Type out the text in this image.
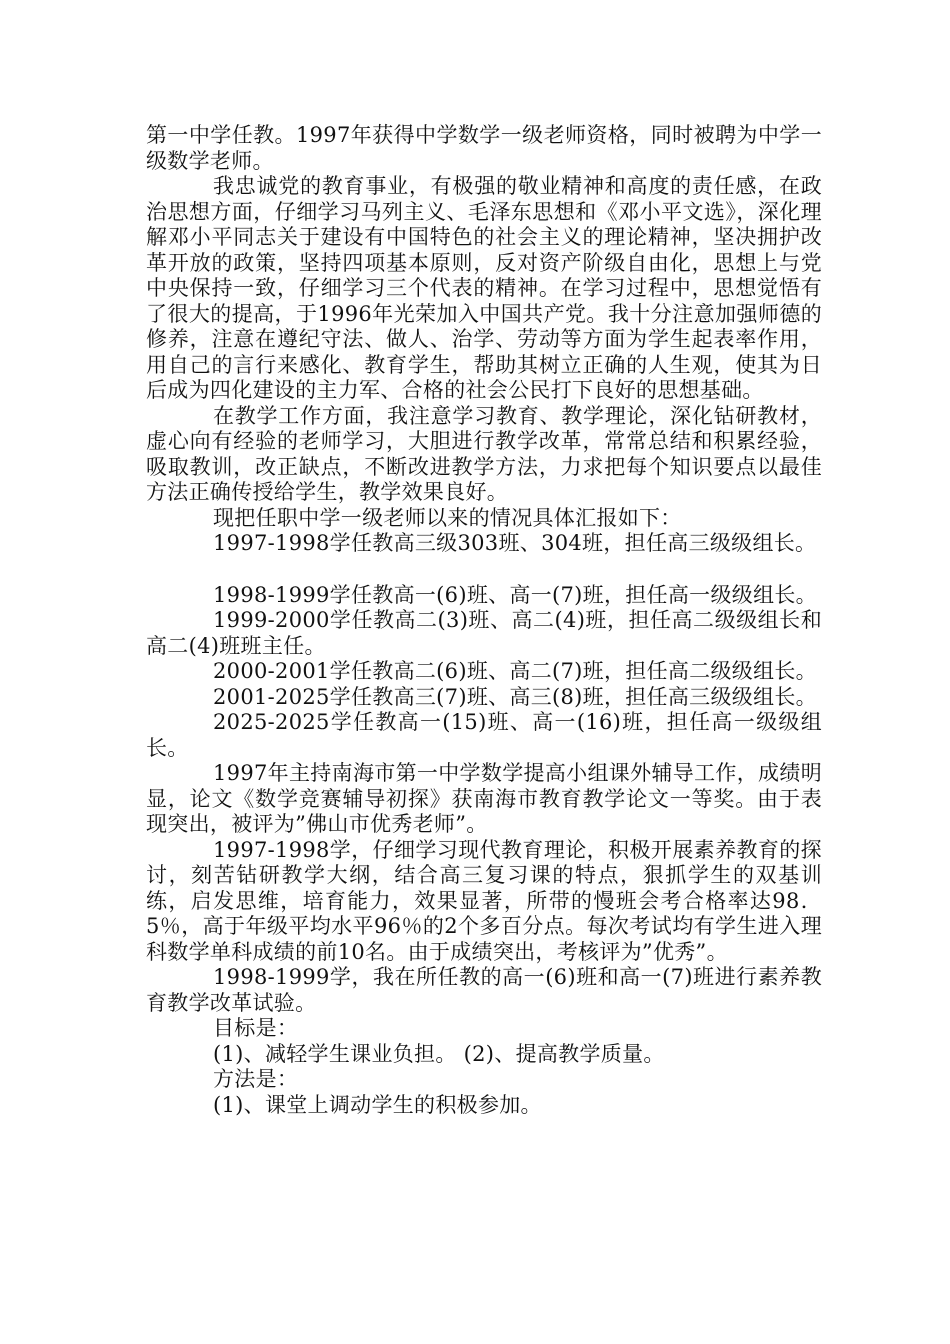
第一中学任教。1997年获得中学数学一级老师资格，同时被聘为中学一级数学老师。

我忠诚党的教育事业，有极强的敬业精神和高度的责任感，在政治思想方面，仔细学习马列主义、毛泽东思想和《邓小平文选》，深化理解邓小平同志关于建设有中国特色的社会主义的理论精神，坚决拥护改革开放的政策，坚持四项基本原则，反对资产阶级自由化，思想上与党中央保持一致，仔细学习三个代表的精神。在学习过程中，思想觉悟有了很大的提高，于1996年光荣加入中国共产党。我十分注意加强师德的修养，注意在遵纪守法、做人、治学、劳动等方面为学生起表率作用，用自己的言行来感化、教育学生，帮助其树立正确的人生观，使其为日后成为四化建设的主力军、合格的社会公民打下良好的思想基础。

在教学工作方面，我注意学习教育、教学理论，深化钻研教材，虚心向有经验的老师学习，大胆进行教学改革，常常总结和积累经验，吸取教训，改正缺点，不断改进教学方法，力求把每个知识要点以最佳方法正确传授给学生，教学效果良好。

现把任职中学一级老师以来的情况具体汇报如下：

1997-1998学任教高三级303班、304班，担任高三级级组长。

1998-1999学任教高一(6)班、高一(7)班，担任高一级级组长。

1999-2000学任教高二(3)班、高二(4)班，担任高二级级组长和高二(4)班班主任。

2000-2001学任教高二(6)班、高二(7)班，担任高二级级组长。

2001-2025学任教高三(7)班、高三(8)班，担任高三级级组长。

2025-2025学任教高一(15)班、高一(16)班，担任高一级级组长。

1997年主持南海市第一中学数学提高小组课外辅导工作，成绩明显，论文《数学竞赛辅导初探》获南海市教育教学论文一等奖。由于表现突出，被评为”佛山市优秀老师”。

1997-1998学，仔细学习现代教育理论，积极开展素养教育的探讨，刻苦钻研教学大纲，结合高三复习课的特点，狠抓学生的双基训练，启发思维，培育能力，效果显著，所带的慢班会考合格率达98．5％，高于年级平均水平96％的2个多百分点。每次考试均有学生进入理科数学单科成绩的前10名。由于成绩突出，考核评为”优秀”。

1998-1999学，我在所任教的高一(6)班和高一(7)班进行素养教育教学改革试验。

目标是：

(1)、减轻学生课业负担。 (2)、提高教学质量。

方法是：

(1)、课堂上调动学生的积极参加。
